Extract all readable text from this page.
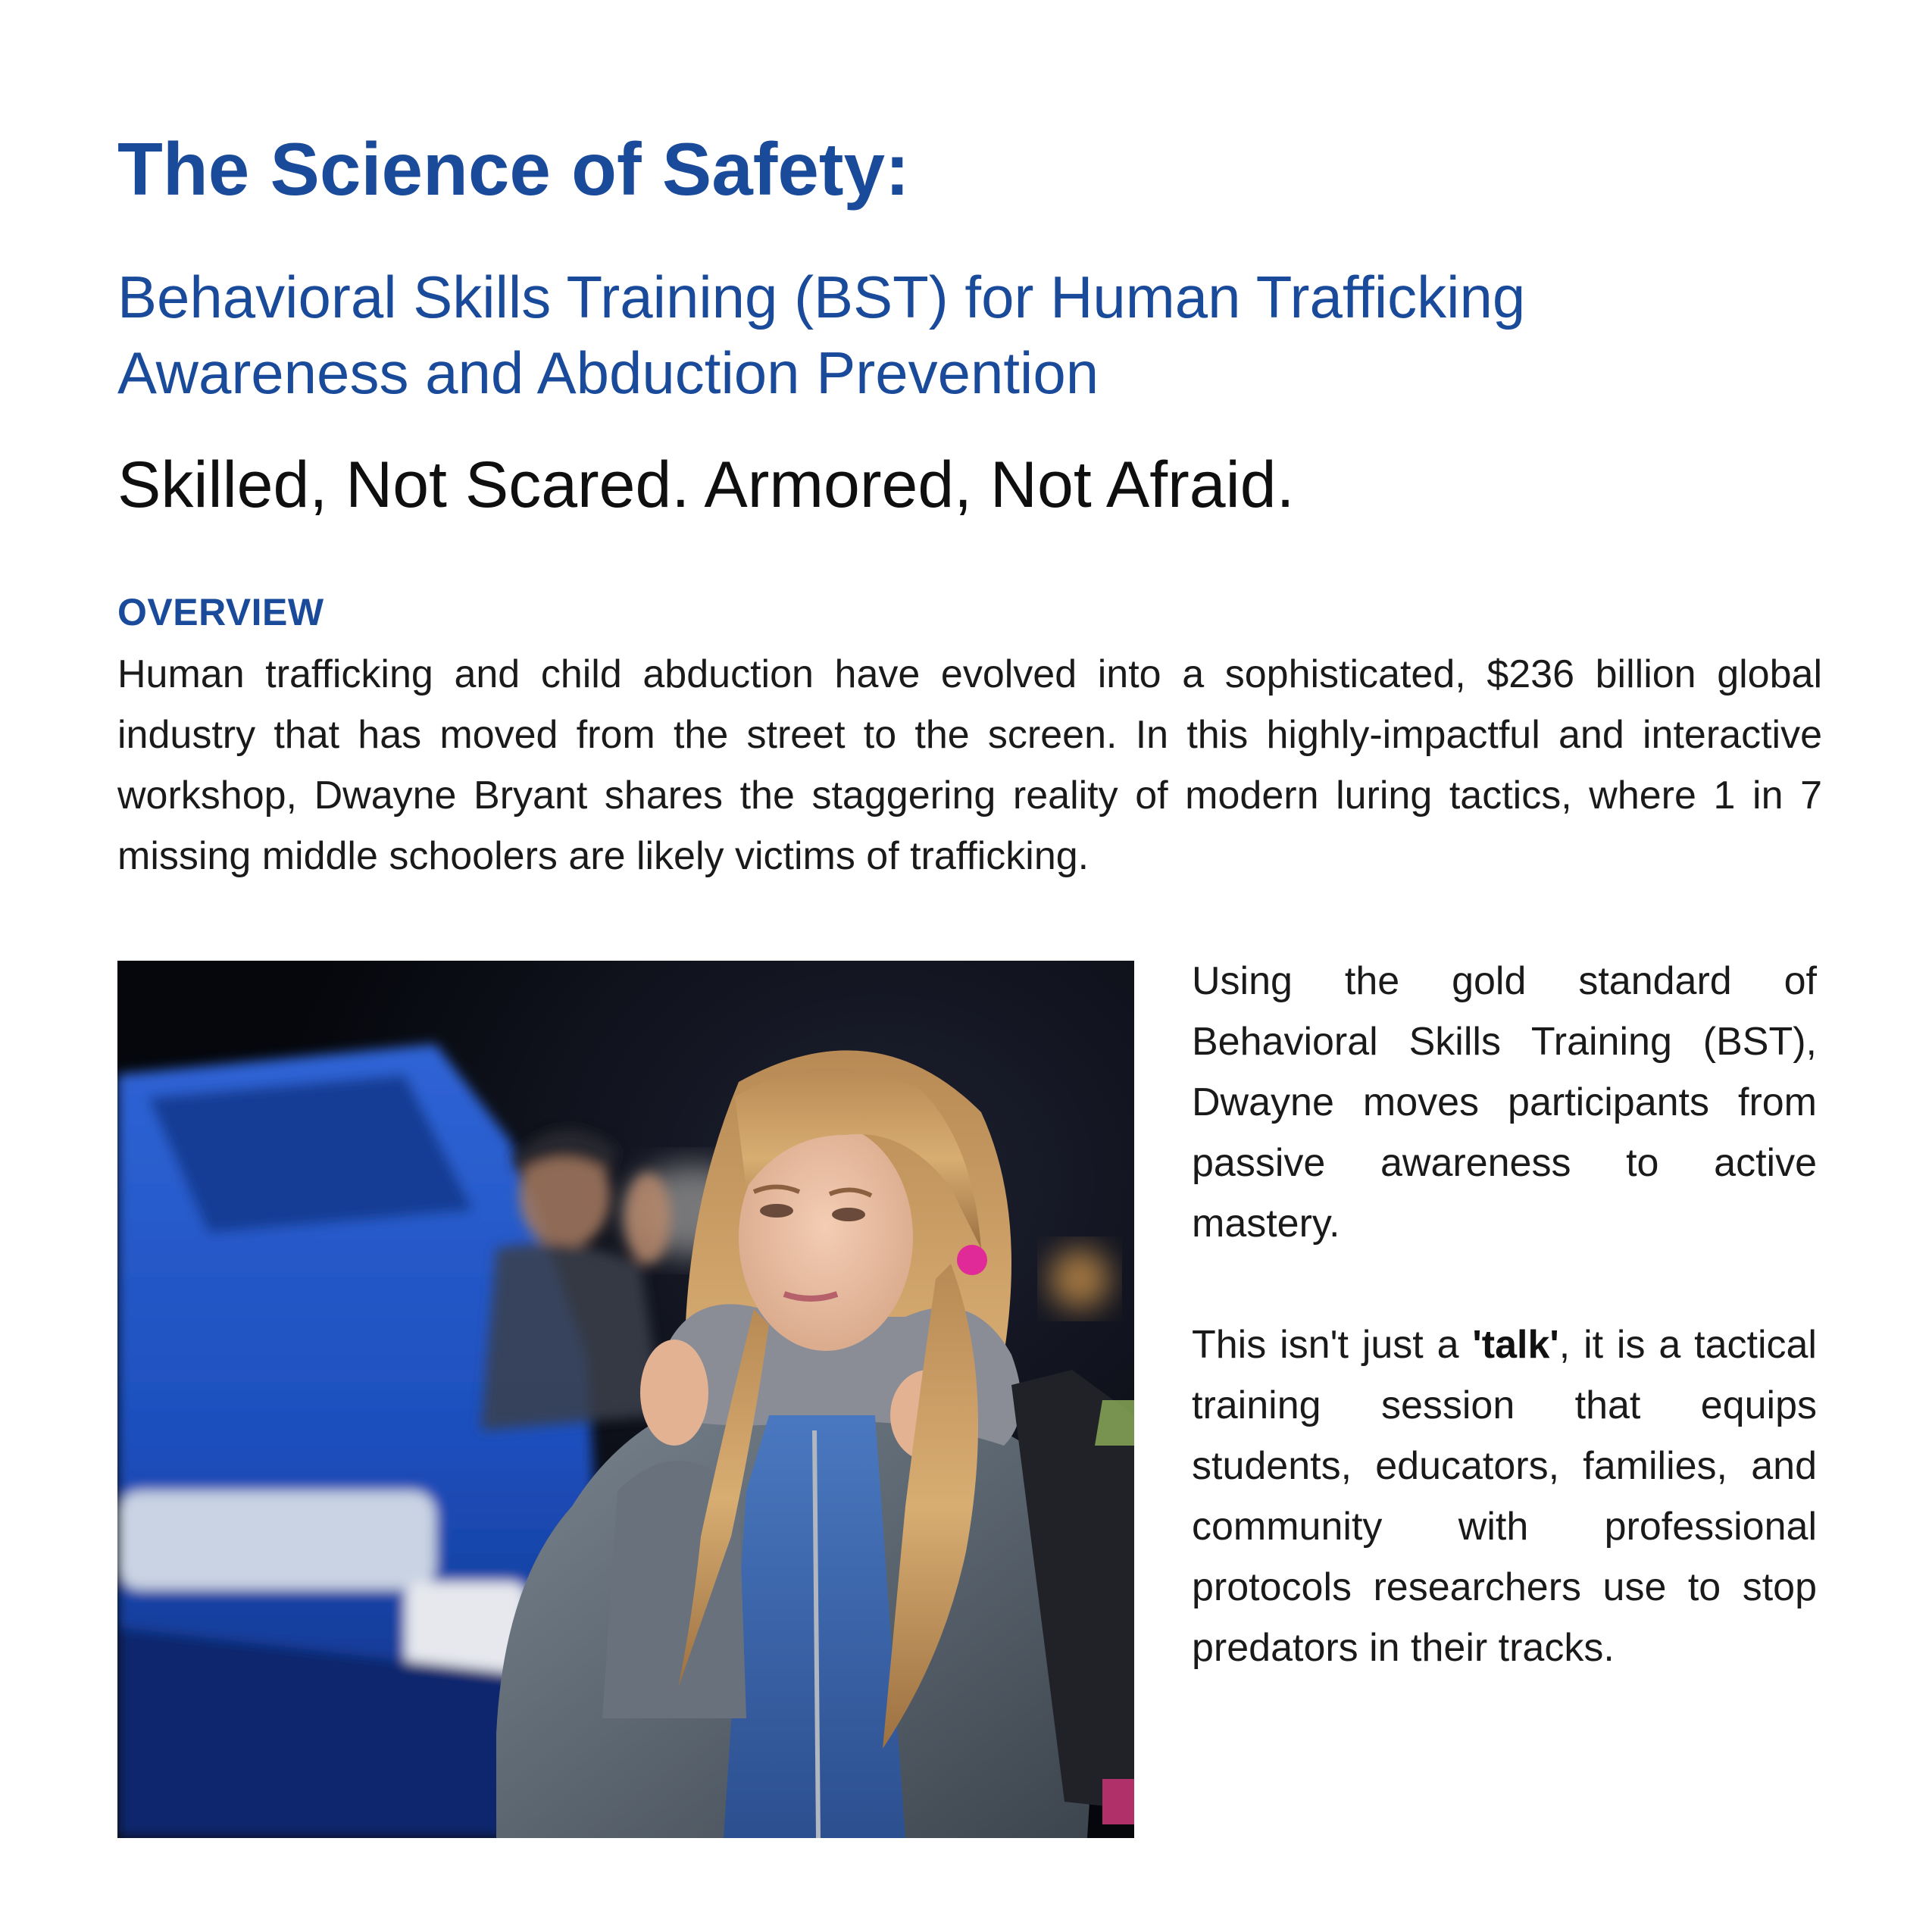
The Science of Safety:
Behavioral Skills Training (BST) for Human Trafficking Awareness and Abduction Prevention
Skilled, Not Scared. Armored, Not Afraid.
OVERVIEW

Human trafficking and child abduction have evolved into a sophisticated, $236 billion global industry that has moved from the street to the screen. In this highly-impactful and interactive workshop, Dwayne Bryant shares the staggering reality of modern luring tactics, where 1 in 7 missing middle schoolers are likely victims of trafficking.

Using the gold standard of Behavioral Skills Training (BST), Dwayne moves participants from passive awareness to active mastery.

This isn't just a 'talk', it is a tactical training session that equips students, educators, families, and community with professional protocols researchers use to stop predators in their tracks.
